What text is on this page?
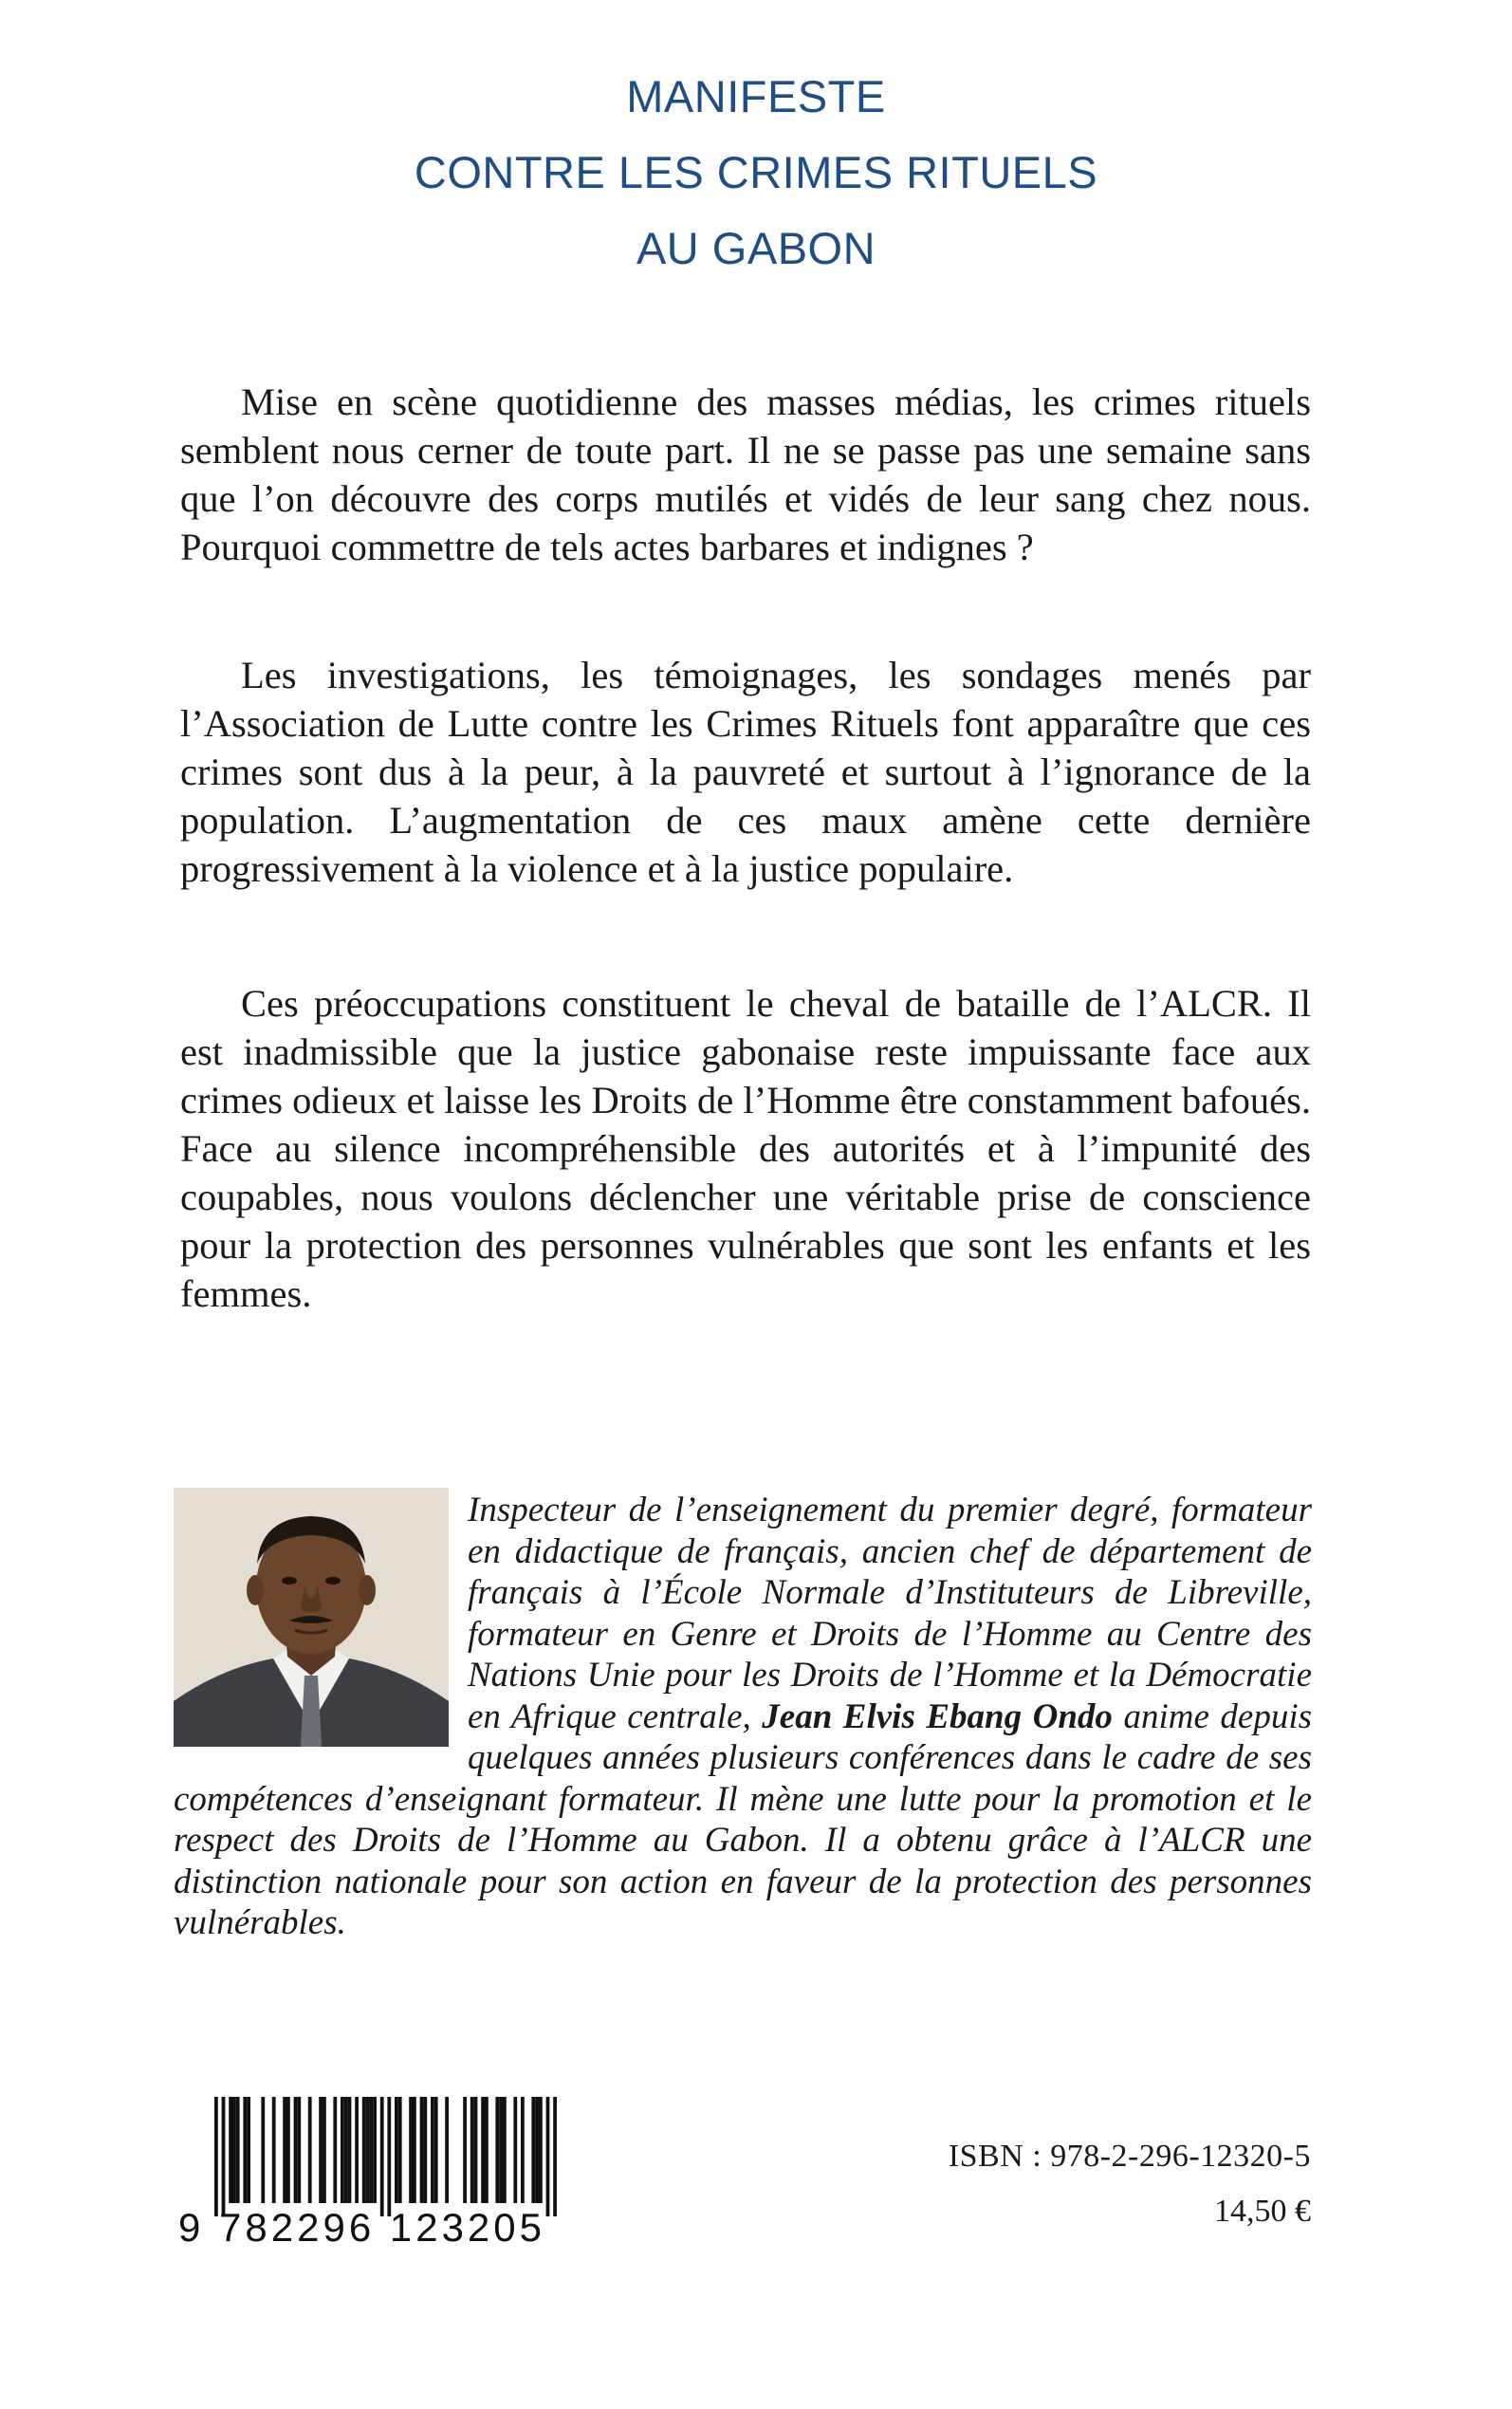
MANIFESTE
CONTRE LES CRIMES RITUELS
AU GABON

Mise en scène quotidienne des masses médias, les crimes rituels semblent nous cerner de toute part. Il ne se passe pas une semaine sans que l’on découvre des corps mutilés et vidés de leur sang chez nous. Pourquoi commettre de tels actes barbares et indignes ?

Les investigations, les témoignages, les sondages menés par l’Association de Lutte contre les Crimes Rituels font apparaître que ces crimes sont dus à la peur, à la pauvreté et surtout à l’ignorance de la population. L’augmentation de ces maux amène cette dernière progressivement à la violence et à la justice populaire.

Ces préoccupations constituent le cheval de bataille de l’ALCR. Il est inadmissible que la justice gabonaise reste impuissante face aux crimes odieux et laisse les Droits de l’Homme être constamment bafoués. Face au silence incompréhensible des autorités et à l’impunité des coupables, nous voulons déclencher une véritable prise de conscience pour la protection des personnes vulnérables que sont les enfants et les femmes.

Inspecteur de l’enseignement du premier degré, formateur en didactique de français, ancien chef de département de français à l’École Normale d’Instituteurs de Libreville, formateur en Genre et Droits de l’Homme au Centre des Nations Unie pour les Droits de l’Homme et la Démocratie en Afrique centrale, Jean Elvis Ebang Ondo anime depuis quelques années plusieurs conférences dans le cadre de ses compétences d’enseignant formateur. Il mène une lutte pour la promotion et le respect des Droits de l’Homme au Gabon. Il a obtenu grâce à l’ALCR une distinction nationale pour son action en faveur de la protection des personnes vulnérables.

9 782296 123205
ISBN : 978-2-296-12320-5
14,50 €
